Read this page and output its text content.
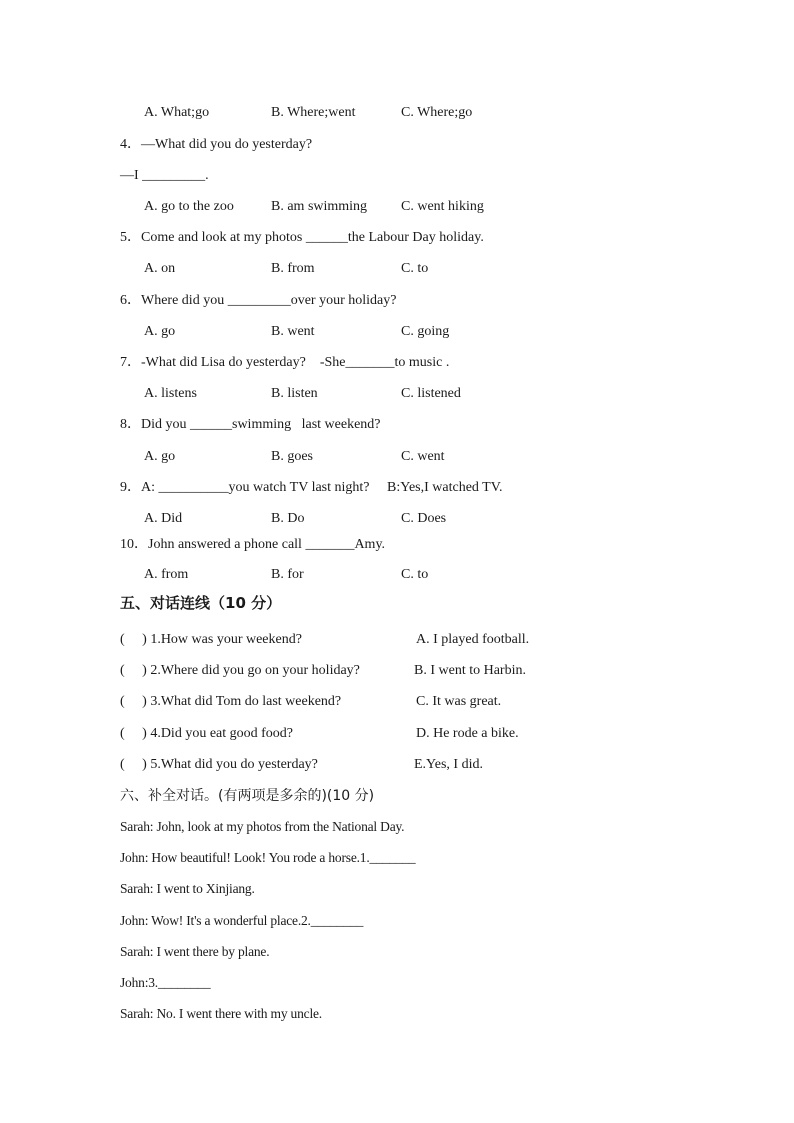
A. What;go	B. Where;went	C. Where;go
4．—What did you do yesterday?
—I _________.
A. go to the zoo	B. am swimming C. went hiking
5．Come and look at my photos ______the Labour Day holiday.
A. on	B. from	C. to
6．Where did you _________over your holiday?
A. go	B. went	C. going
7．-What did Lisa do yesterday?    -She_______to music .
A. listens	B. listen	C. listened
8．Did you ______swimming   last weekend?
A. go	B. goes	C. went
9．A: __________you watch TV last night?     B:Yes,I watched TV.
A. Did	B. Do	C. Does
10．John answered a phone call _______Amy.
A. from	B. for	C. to
五、对话连线（10 分）
(     ) 1.How was your weekend?	A. I played football.
(     ) 2.Where did you go on your holiday?	B. I went to Harbin.
(     ) 3.What did Tom do last weekend?	C. It was great.
(     ) 4.Did you eat good food?	D. He rode a bike.
(     ) 5.What did you do yesterday?	E.Yes, I did.
六、补全对话。(有两项是多余的)(10 分)
Sarah: John, look at my photos from the National Day.
John: How beautiful! Look! You rode a horse.1._______
Sarah: I went to Xinjiang.
John: Wow! It's a wonderful place.2.________
Sarah: I went there by plane.
John:3.________
Sarah: No. I went there with my uncle.
